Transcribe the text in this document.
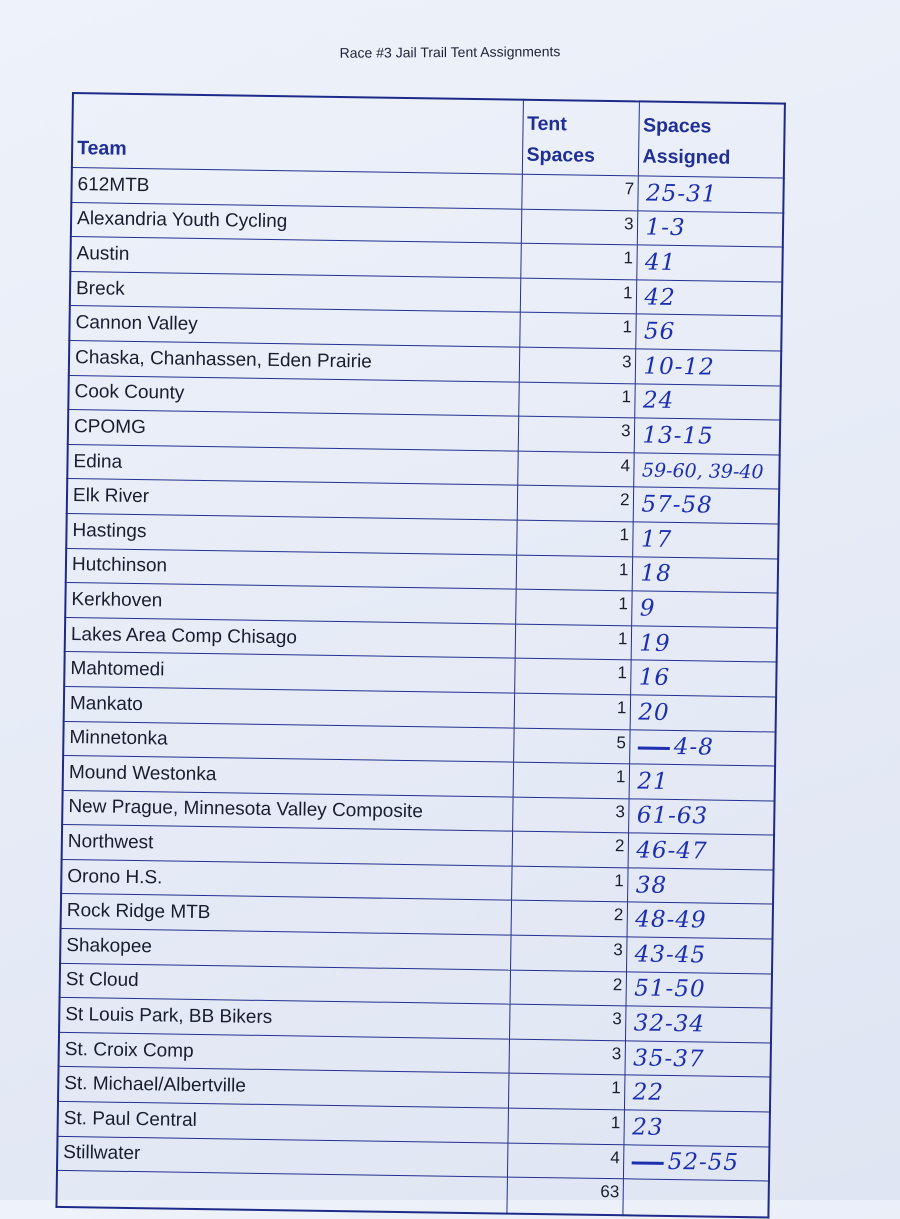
Race #3 Jail Trail Tent Assignments
Team	Tent Spaces	Spaces Assigned
612MTB	7	25-31
Alexandria Youth Cycling	3	1-3
Austin	1	41
Breck	1	42
Cannon Valley	1	56
Chaska, Chanhassen, Eden Prairie	3	10-12
Cook County	1	24
CPOMG	3	13-15
Edina	4	59-60, 39-40
Elk River	2	57-58
Hastings	1	17
Hutchinson	1	18
Kerkhoven	1	9
Lakes Area Comp Chisago	1	19
Mahtomedi	1	16
Mankato	1	20
Minnetonka	5	  4-8
Mound Westonka	1	21
New Prague, Minnesota Valley Composite	3	61-63
Northwest	2	46-47
Orono H.S.	1	38
Rock Ridge MTB	2	48-49
Shakopee	3	43-45
St Cloud	2	51-50
St Louis Park, BB Bikers	3	32-34
St. Croix Comp	3	35-37
St. Michael/Albertville	1	22
St. Paul Central	1	23
Stillwater	4	  52-55
	63	
